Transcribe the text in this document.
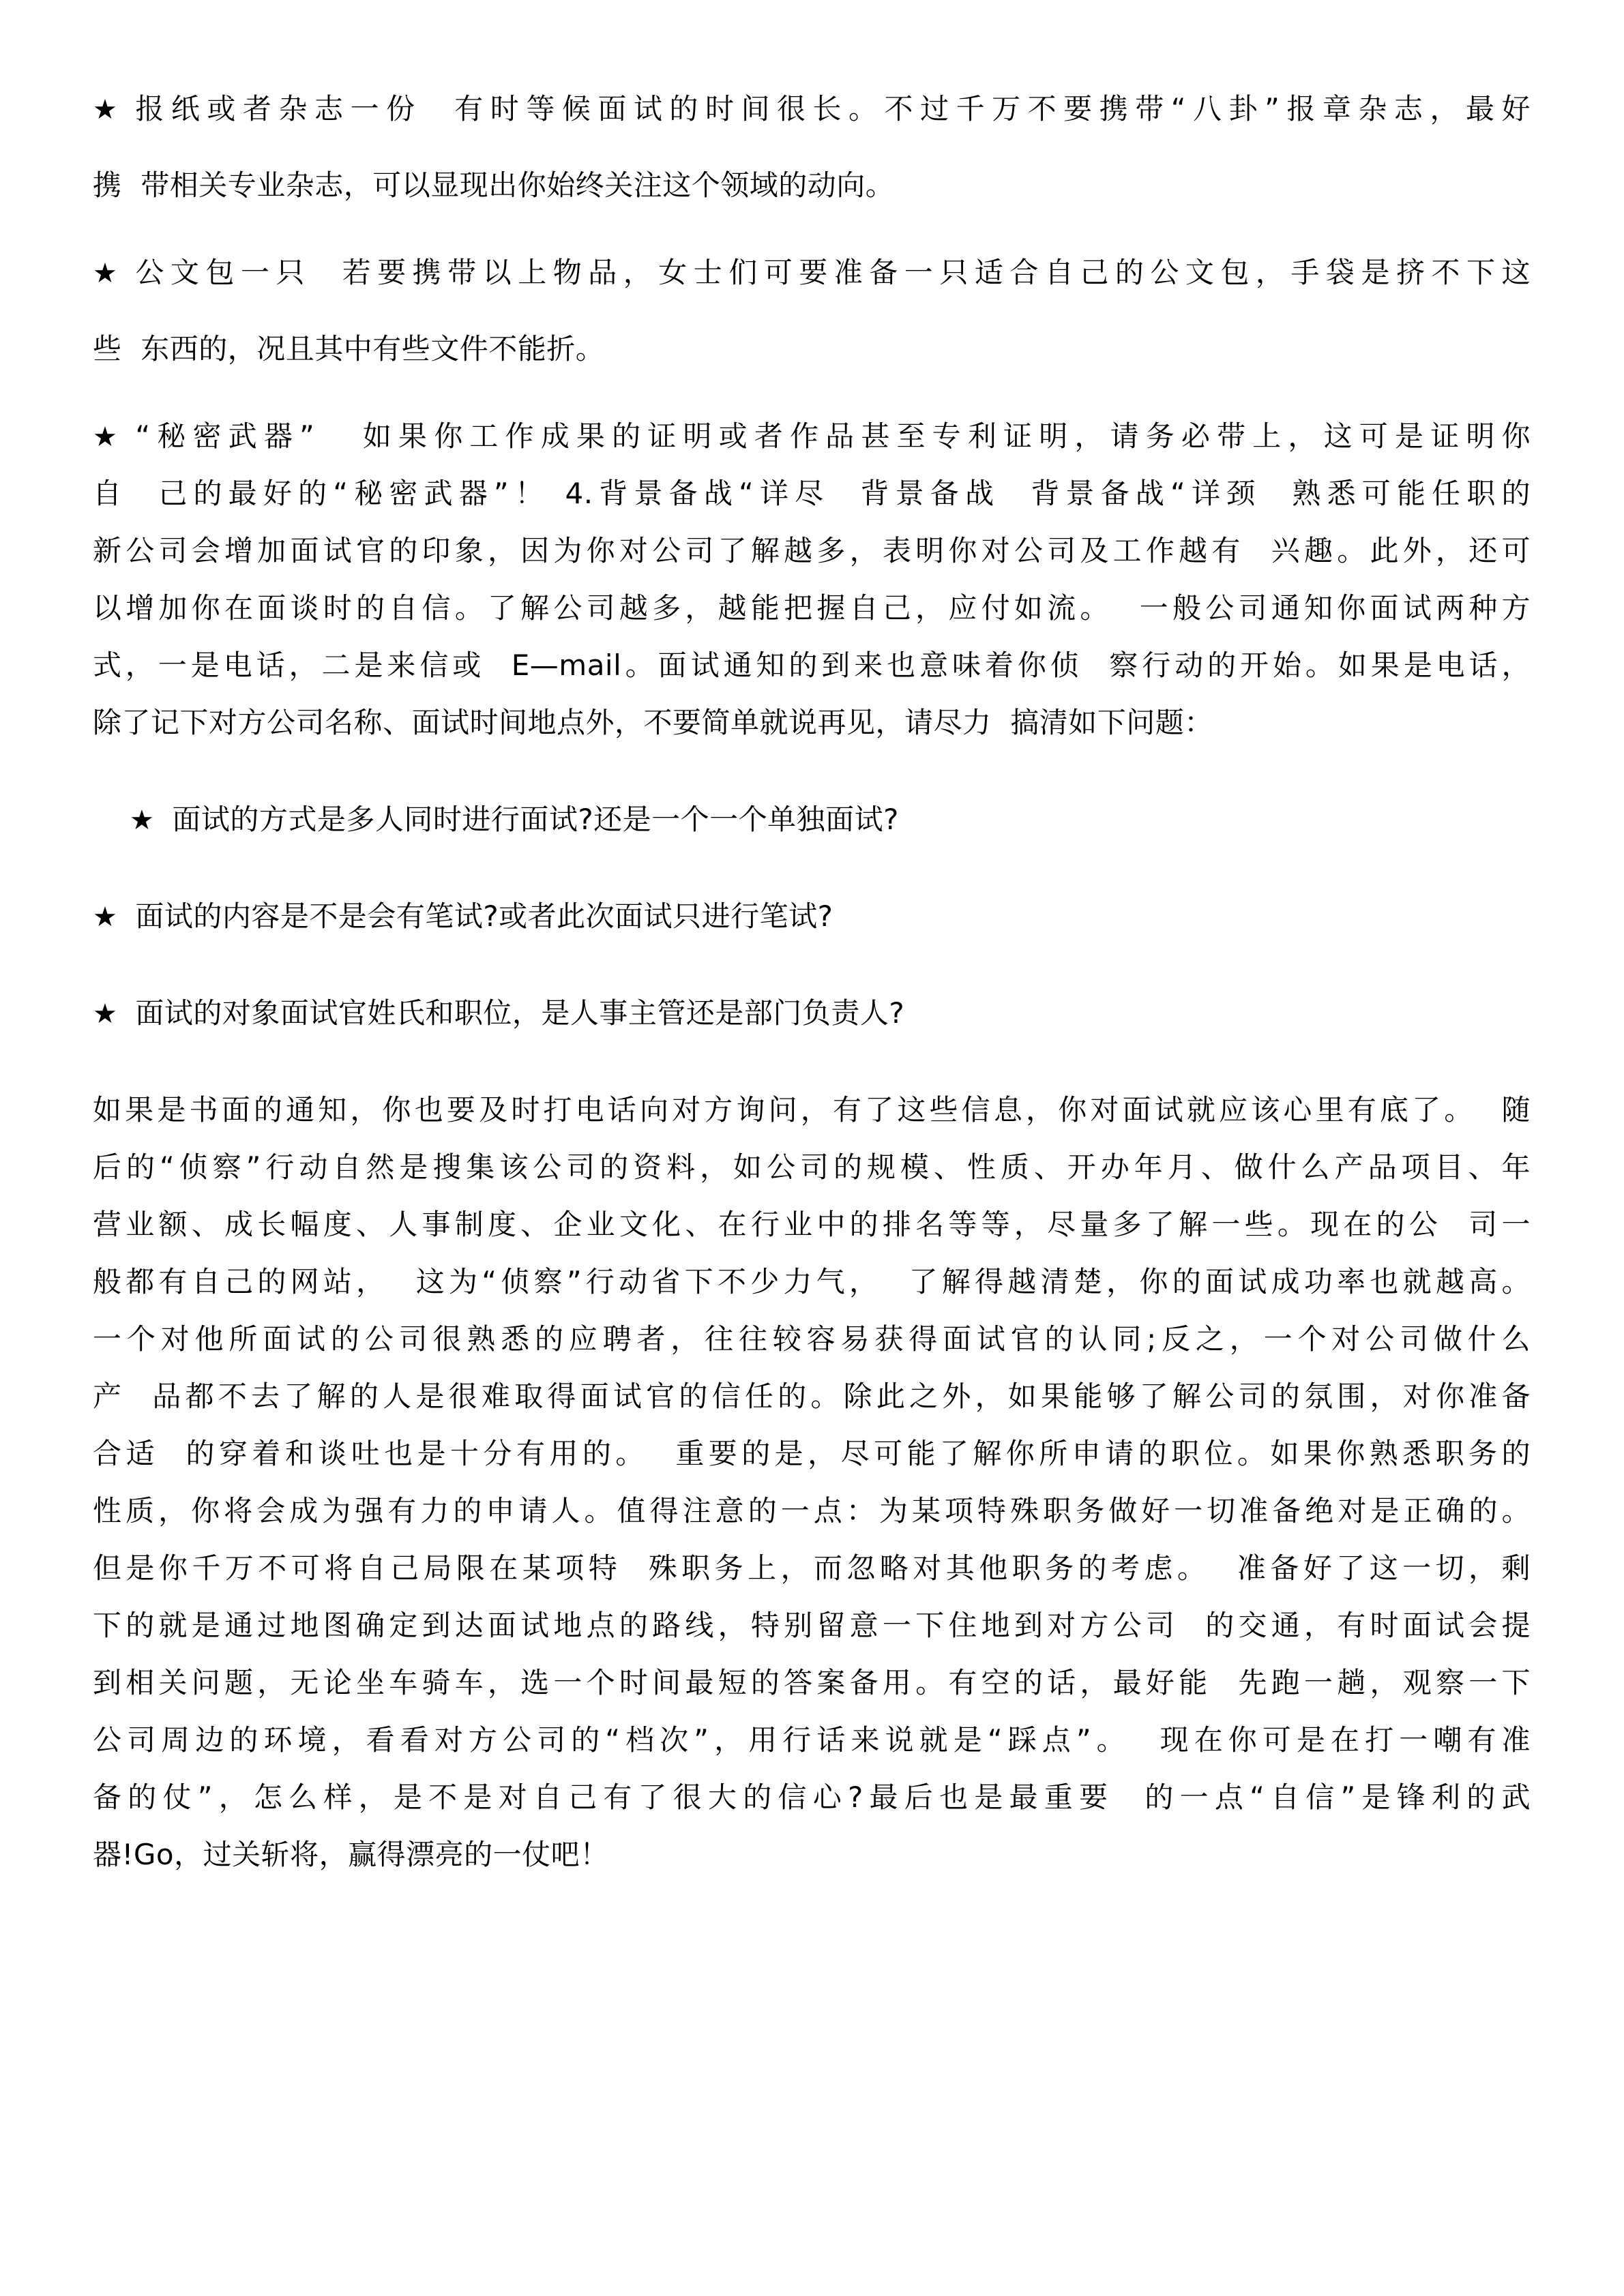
★ 报纸或者杂志一份  有时等候面试的时间很长。不过千万不要携带“八卦”报章杂志，最好
携  带相关专业杂志，可以显现出你始终关注这个领域的动向。
★ 公文包一只  若要携带以上物品，女士们可要准备一只适合自己的公文包，手袋是挤不下这
些  东西的，况且其中有些文件不能折。
★ “秘密武器”   如果你工作成果的证明或者作品甚至专利证明，请务必带上，这可是证明你
自  己的最好的“秘密武器”！ 4.背景备战“详尽  背景备战  背景备战“详颈  熟悉可能任职的
新公司会增加面试官的印象，因为你对公司了解越多，表明你对公司及工作越有  兴趣。此外，还可
以增加你在面谈时的自信。了解公司越多，越能把握自己，应付如流。  一般公司通知你面试两种方
式，一是电话，二是来信或  E—mail。面试通知的到来也意味着你侦  察行动的开始。如果是电话，
除了记下对方公司名称、面试时间地点外，不要简单就说再见，请尽力  搞清如下问题：
★ 面试的方式是多人同时进行面试?还是一个一个单独面试?
★ 面试的内容是不是会有笔试?或者此次面试只进行笔试?
★ 面试的对象面试官姓氏和职位，是人事主管还是部门负责人?
如果是书面的通知，你也要及时打电话向对方询问，有了这些信息，你对面试就应该心里有底了。  随
后的“侦察”行动自然是搜集该公司的资料，如公司的规模、性质、开办年月、做什么产品项目、年
营业额、成长幅度、人事制度、企业文化、在行业中的排名等等，尽量多了解一些。现在的公  司一
般都有自己的网站，  这为“侦察”行动省下不少力气，  了解得越清楚，你的面试成功率也就越高。
一个对他所面试的公司很熟悉的应聘者，往往较容易获得面试官的认同;反之，一个对公司做什么
产  品都不去了解的人是很难取得面试官的信任的。除此之外，如果能够了解公司的氛围，对你准备
合适  的穿着和谈吐也是十分有用的。  重要的是，尽可能了解你所申请的职位。如果你熟悉职务的
性质，你将会成为强有力的申请人。值得注意的一点：为某项特殊职务做好一切准备绝对是正确的。
但是你千万不可将自己局限在某项特  殊职务上，而忽略对其他职务的考虑。  准备好了这一切，剩
下的就是通过地图确定到达面试地点的路线，特别留意一下住地到对方公司  的交通，有时面试会提
到相关问题，无论坐车骑车，选一个时间最短的答案备用。有空的话，最好能  先跑一趟，观察一下
公司周边的环境，看看对方公司的“档次”，用行话来说就是“踩点”。  现在你可是在打一嘲有准
备的仗”，怎么样，是不是对自己有了很大的信心?最后也是最重要  的一点“自信”是锋利的武
器!Go，过关斩将，赢得漂亮的一仗吧！
